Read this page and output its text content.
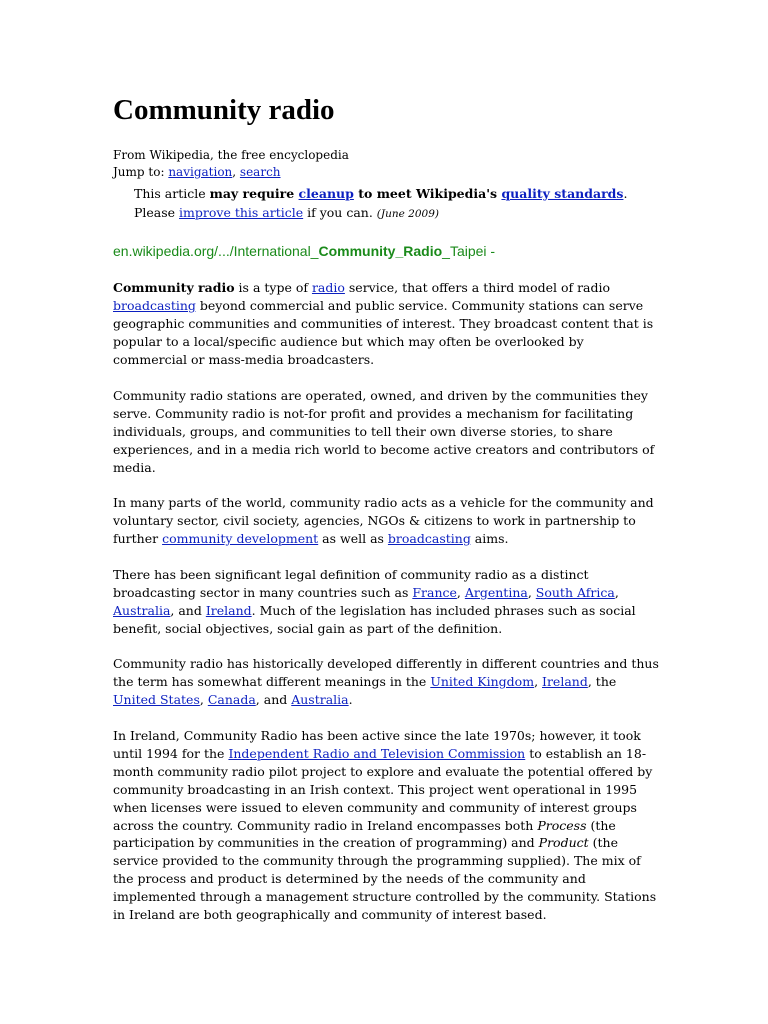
Community radio
From Wikipedia, the free encyclopedia
Jump to: navigation, search
This article may require cleanup to meet Wikipedia's quality standards. Please improve this article if you can. (June 2009)
en.wikipedia.org/.../International_Community_Radio_Taipei -

Community radio is a type of radio service, that offers a third model of radio broadcasting beyond commercial and public service. Community stations can serve geographic communities and communities of interest. They broadcast content that is popular to a local/specific audience but which may often be overlooked by commercial or mass-media broadcasters.

Community radio stations are operated, owned, and driven by the communities they serve. Community radio is not-for profit and provides a mechanism for facilitating individuals, groups, and communities to tell their own diverse stories, to share experiences, and in a media rich world to become active creators and contributors of media.

In many parts of the world, community radio acts as a vehicle for the community and voluntary sector, civil society, agencies, NGOs & citizens to work in partnership to further community development as well as broadcasting aims.

There has been significant legal definition of community radio as a distinct broadcasting sector in many countries such as France, Argentina, South Africa, Australia, and Ireland. Much of the legislation has included phrases such as social benefit, social objectives, social gain as part of the definition.

Community radio has historically developed differently in different countries and thus the term has somewhat different meanings in the United Kingdom, Ireland, the United States, Canada, and Australia.

In Ireland, Community Radio has been active since the late 1970s; however, it took until 1994 for the Independent Radio and Television Commission to establish an 18-month community radio pilot project to explore and evaluate the potential offered by community broadcasting in an Irish context. This project went operational in 1995 when licenses were issued to eleven community and community of interest groups across the country. Community radio in Ireland encompasses both Process (the participation by communities in the creation of programming) and Product (the service provided to the community through the programming supplied). The mix of the process and product is determined by the needs of the community and implemented through a management structure controlled by the community. Stations in Ireland are both geographically and community of interest based.
